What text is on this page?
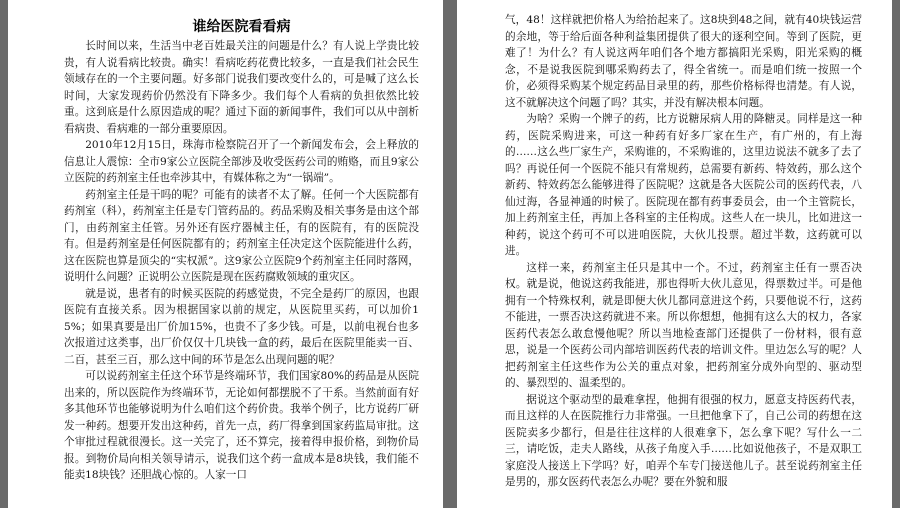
谁给医院看看病

长时间以来，生活当中老百姓最关注的问题是什么？有人说上学贵比较贵，有人说看病比较贵。确实！看病吃药花费比较多，一直是我们社会民生领域存在的一个主要问题。好多部门说我们要改变什么的，可是喊了这么长时间，大家发现药价仍然没有下降多少。我们每个人看病的负担依然比较重。这到底是什么原因造成的呢？通过下面的新闻事件，我们可以从中剖析看病贵、看病难的一部分重要原因。

2010年12月15日，珠海市检察院召开了一个新闻发布会，会上释放的信息让人震惊：全市9家公立医院全部涉及收受医药公司的贿赂，而且9家公立医院的药剂室主任也牵涉其中，有媒体称之为“一锅端”。

药剂室主任是干吗的呢？可能有的读者不太了解。任何一个大医院都有药剂室（科），药剂室主任是专门管药品的。药品采购及相关事务是由这个部门，由药剂室主任管。另外还有医疗器械主任，有的医院有，有的医院没有。但是药剂室是任何医院都有的；药剂室主任决定这个医院能进什么药，这在医院也算是顶尖的“实权派”。这9家公立医院9个药剂室主任同时落网，说明什么问题？正说明公立医院是现在医药腐败领域的重灾区。

就是说，患者有的时候买医院的药感觉贵，不完全是药厂的原因，也跟医院有直接关系。因为根据国家以前的规定，从医院里买药，可以加价15%；如果真要是出厂价加15%，也贵不了多少钱。可是，以前电视台也多次报道过这类事，出厂价仅仅十几块钱一盒的药，最后在医院里能卖一百、二百，甚至三百，那么这中间的环节是怎么出现问题的呢？

可以说药剂室主任这个环节是终端环节，我们国家80%的药品是从医院出来的，所以医院作为终端环节，无论如何都摆脱不了干系。当然前面有好多其他环节也能够说明为什么咱们这个药价贵。我举个例子，比方说药厂研发一种药。想要开发出这种药，首先一点，药厂得拿到国家药监局审批。这个审批过程就很漫长。这一关完了，还不算完，接着得申报价格，到物价局报。到物价局向相关领导请示，说我们这个药一盒成本是8块钱，我们能不能卖18块钱？还胆战心惊的。人家一口

气，48！这样就把价格人为给抬起来了。这8块到48之间，就有40块钱运营的余地，等于给后面各种利益集团提供了很大的逐利空间。等到了医院，更难了！为什么？有人说这两年咱们各个地方都搞阳光采购，阳光采购的概念，不是说我医院到哪采购药去了，得全省统一。而是咱们统一按照一个价，必须得采购某个规定药品目录里的药，那些价格标得也清楚。有人说，这不就解决这个问题了吗？其实，并没有解决根本问题。

为啥？采购一个牌子的药，比方说糖尿病人用的降糖灵。同样是这一种药，医院采购进来，可这一种药有好多厂家在生产，有广州的，有上海的……这么些厂家生产，采购谁的，不采购谁的，这里边说法不就多了去了吗？再说任何一个医院不能只有常规药，总需要有新药、特效药，那么这个新药、特效药怎么能够进得了医院呢？这就是各大医院公司的医药代表，八仙过海，各显神通的时候了。医院现在都有药事委员会，由一个主管院长，加上药剂室主任，再加上各科室的主任构成。这些人在一块儿，比如进这一种药，说这个药可不可以进咱医院，大伙儿投票。超过半数，这药就可以进。

这样一来，药剂室主任只是其中一个。不过，药剂室主任有一票否决权。就是说，他说这药我能进，那也得听大伙儿意见，得票数过半。可是他拥有一个特殊权利，就是即便大伙儿都同意进这个药，只要他说不行，这药不能进，一票否决这药就进不来。所以你想想，他拥有这么大的权力，各家医药代表怎么敢怠慢他呢？所以当地检查部门还提供了一份材料，很有意思，说是一个医药公司内部培训医药代表的培训文件。里边怎么写的呢？人把药剂室主任这些作为公关的重点对象，把药剂室分成外向型的、驱动型的、暴烈型的、温柔型的。

据说这个驱动型的最难拿捏，他拥有很强的权力，愿意支持医药代表，而且这样的人在医院推行力非常强。一旦把他拿下了，自己公司的药想在这医院卖多少都行，但是往往这样的人很难拿下，怎么拿下呢？写什么一二三，请吃饭，走夫人路线，从孩子角度入手……比如说他孩子，不是双职工家庭没人接送上下学吗？好，咱弄个车专门接送他儿子。甚至说药剂室主任是男的，那女医药代表怎么办呢？要在外貌和服
